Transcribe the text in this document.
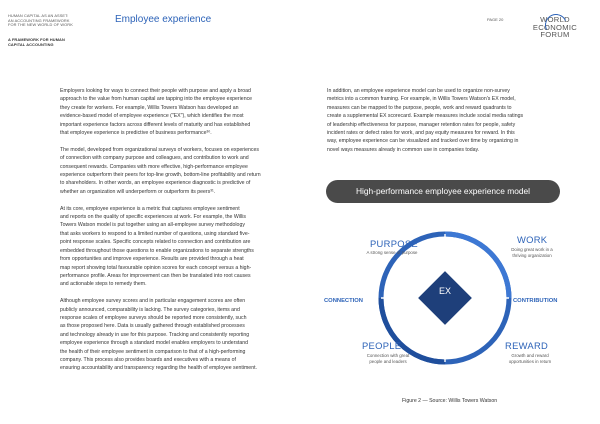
HUMAN CAPITAL AS AN ASSET:
AN ACCOUNTING FRAMEWORK
FOR THE NEW WORLD OF WORK
A FRAMEWORK FOR HUMAN
CAPITAL ACCOUNTING
Employee experience	PAGE 20	WORLD
ECONOMIC
FORUM

Employers looking for ways to connect their people with purpose and apply a broad
approach to the value from human capital are tapping into the employee experience
they create for workers. For example, Willis Towers Watson has developed an
evidence-based model of employee experience ("EX"), which identifies the most
important experience factors across different levels of maturity and has established
that employee experience is predictive of business performance³⁰.

The model, developed from organizational surveys of workers, focuses on experiences
of connection with company purpose and colleagues, and contribution to work and
consequent rewards. Companies with more effective, high-performance employee
experience outperform their peers for top-line growth, bottom-line profitability and return
to shareholders. In other words, an employee experience diagnostic is predictive of
whether an organization will underperform or outperform its peers³¹.

At its core, employee experience is a metric that captures employee sentiment
and reports on the quality of specific experiences at work. For example, the Willis
Towers Watson model is put together using an all-employee survey methodology
that asks workers to respond to a limited number of questions, using standard five-
point response scales. Specific concepts related to connection and contribution are
embedded throughout those questions to enable organizations to separate strengths
from opportunities and improve experience. Results are provided through a heat
map report showing total favourable opinion scores for each concept versus a high-
performance profile. Areas for improvement can then be translated into root causes
and actionable steps to remedy them.

Although employee survey scores and in particular engagement scores are often
publicly announced, comparability is lacking. The survey categories, items and
response scales of employee surveys should be reported more consistently, such
as those proposed here. Data is usually gathered through established processes
and technology already in use for this purpose. Tracking and consistently reporting
employee experience through a standard model enables employers to understand
the health of their employee sentiment in comparison to that of a high-performing
company. This process also provides boards and executives with a means of
ensuring accountability and transparency regarding the health of employee sentiment.

In addition, an employee experience model can be used to organize non-survey
metrics into a common framing. For example, in Willis Towers Watson's EX model,
measures can be mapped to the purpose, people, work and reward quadrants to
create a supplemental EX scorecard. Example measures include social media ratings
of leadership effectiveness for purpose, manager retention rates for people, safety
incident rates or defect rates for work, and pay equity measures for reward. In this
way, employee experience can be visualized and tracked over time by organizing in
novel ways measures already in common use in companies today.

High-performance employee experience model
PURPOSE
A strong sense of purpose
WORK
Doing great work in a
thriving organization
CONNECTION	CONTRIBUTION
EX
PEOPLE
Connection with great
people and leaders
REWARD
Growth and reward
opportunities in return
Figure 2 — Source: Willis Towers Watson
